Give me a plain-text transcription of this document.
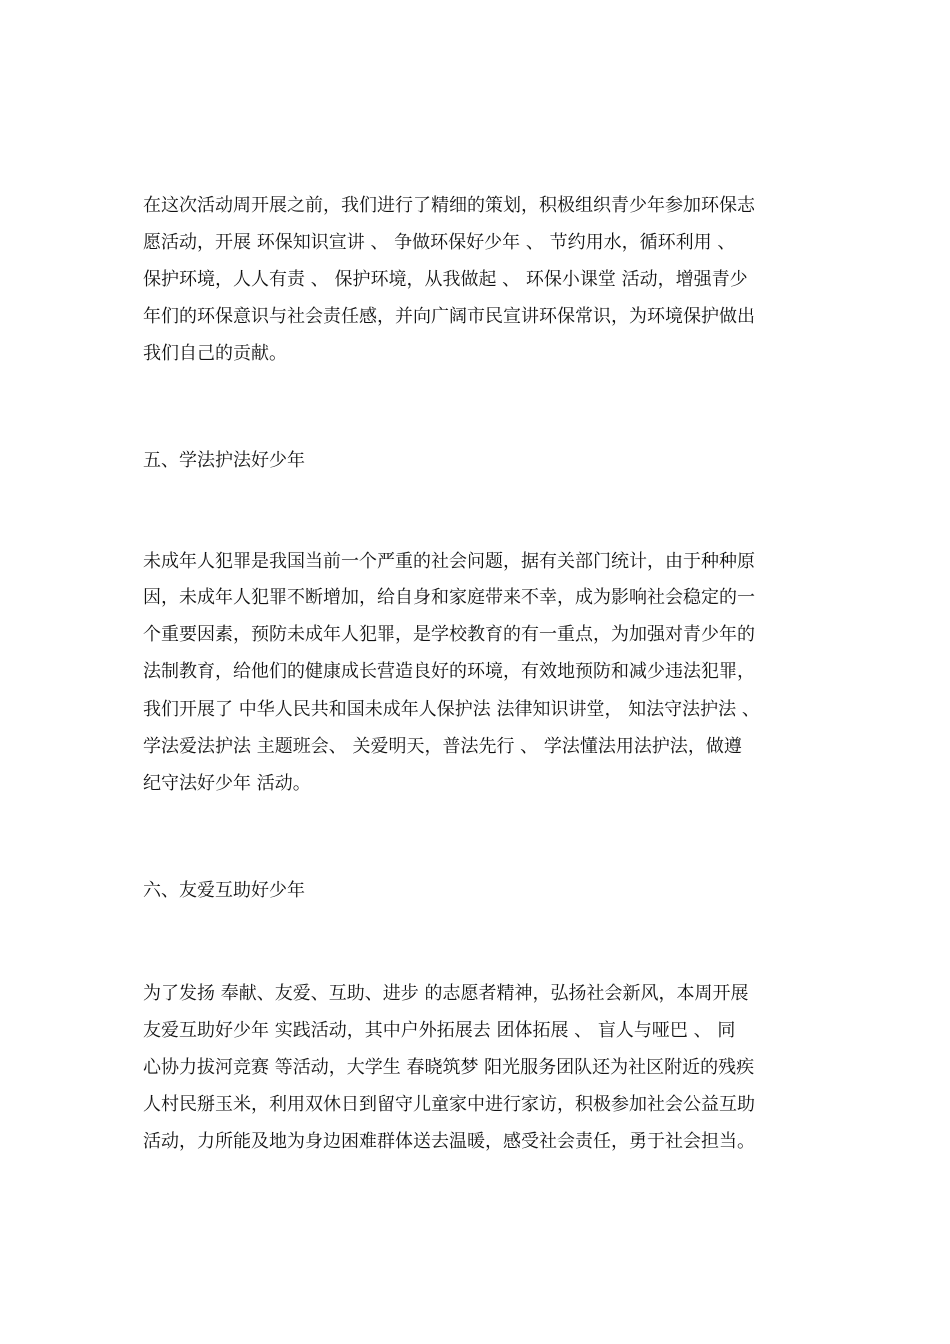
在这次活动周开展之前，我们进行了精细的策划，积极组织青少年参加环保志
愿活动，开展 环保知识宣讲 、 争做环保好少年 、 节约用水，循环利用 、
保护环境，人人有责 、 保护环境，从我做起 、 环保小课堂 活动，增强青少
年们的环保意识与社会责任感，并向广阔市民宣讲环保常识，为环境保护做出
我们自己的贡献。
五、学法护法好少年
未成年人犯罪是我国当前一个严重的社会问题，据有关部门统计，由于种种原
因，未成年人犯罪不断增加，给自身和家庭带来不幸，成为影响社会稳定的一
个重要因素，预防未成年人犯罪，是学校教育的有一重点，为加强对青少年的
法制教育，给他们的健康成长营造良好的环境，有效地预防和减少违法犯罪，
我们开展了 中华人民共和国未成年人保护法 法律知识讲堂， 知法守法护法 、
学法爱法护法 主题班会、 关爱明天，普法先行 、 学法懂法用法护法，做遵
纪守法好少年 活动。
六、友爱互助好少年
为了发扬 奉献、友爱、互助、进步 的志愿者精神，弘扬社会新风，本周开展
友爱互助好少年 实践活动，其中户外拓展去 团体拓展 、 盲人与哑巴 、 同
心协力拔河竞赛 等活动，大学生 春晓筑梦 阳光服务团队还为社区附近的残疾
人村民掰玉米，利用双休日到留守儿童家中进行家访，积极参加社会公益互助
活动，力所能及地为身边困难群体送去温暖，感受社会责任，勇于社会担当。
